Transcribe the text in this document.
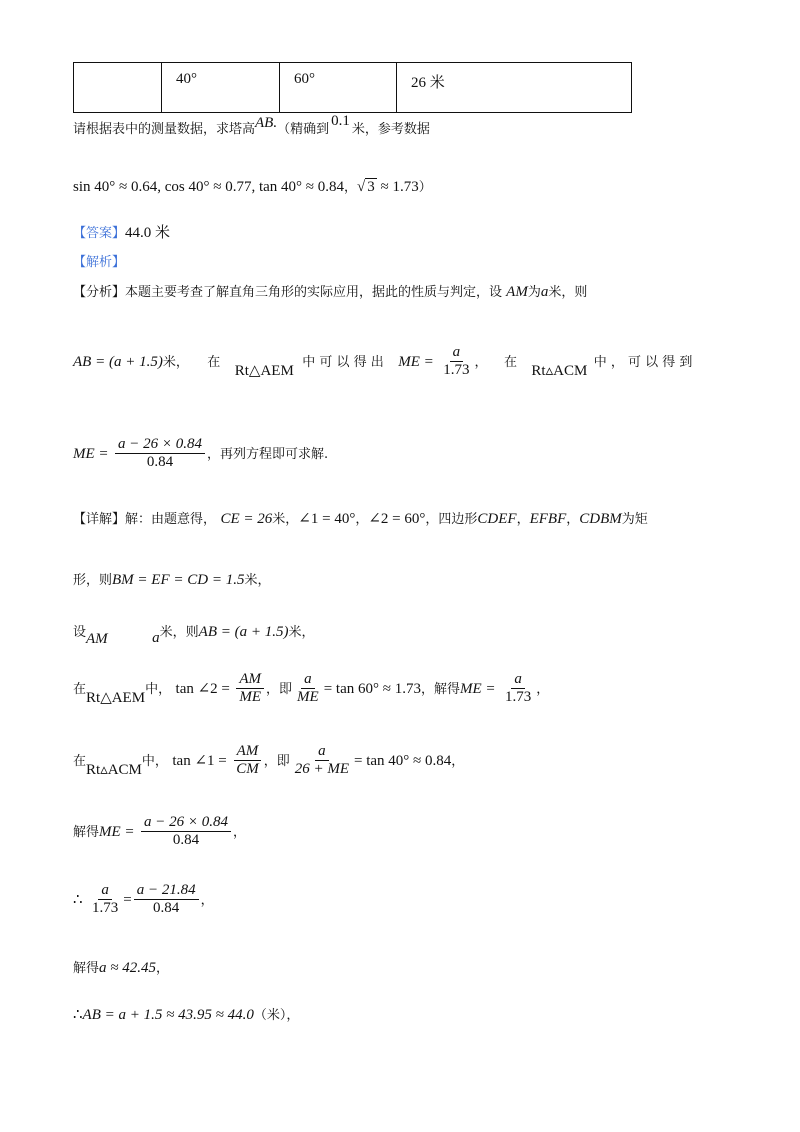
	40°	60°	26 米
请根据表中的测量数据，求塔高AB.（精确到0.1米，参考数据
sin 40° ≈ 0.64, cos 40° ≈ 0.77, tan 40° ≈ 0.84，√ 3 ≈ 1.73）
【答案】44.0 米
【解析】
【分析】本题主要考查了解直角三角形的实际应用，据此的性质与判定，设 AM为a米，则
AB = (a + 1.5)米， 在 Rt△AEM 中 可 以 得 出 ME = $\frac{a}{1.73}$ ， 在 Rt▵ACM 中 ， 可 以 得 到
ME = $\frac{a - 26 \times 0.84}{0.84}$ ，再列方程即可求解.
【详解】解：由题意得， CE = 26米，∠1 = 40°，∠2 = 60°，四边形CDEF，EFBF，CDBM为矩
形，则BM = EF = CD = 1.5米，
设AM	a米，则AB = (a + 1.5)米，
在Rt△AEM中， tan ∠2 = $\frac{AM}{ME}$ ，即 $\frac{a}{ME} = \tan 60^\circ \approx 1.73$，解得ME = $\frac{a}{1.73}$ ，
在Rt▵ACM中， tan ∠1 = $\frac{AM}{CM}$ ，即 $\frac{a}{26 + ME} = \tan 40^\circ \approx 0.84$，
解得ME = $\frac{a - 26 \times 0.84}{0.84}$ ，
∴ $\frac{a}{1.73} = \frac{a - 21.84}{0.84}$ ，
解得a ≈ 42.45，
∴AB = a + 1.5 ≈ 43.95 ≈ 44.0（米），
